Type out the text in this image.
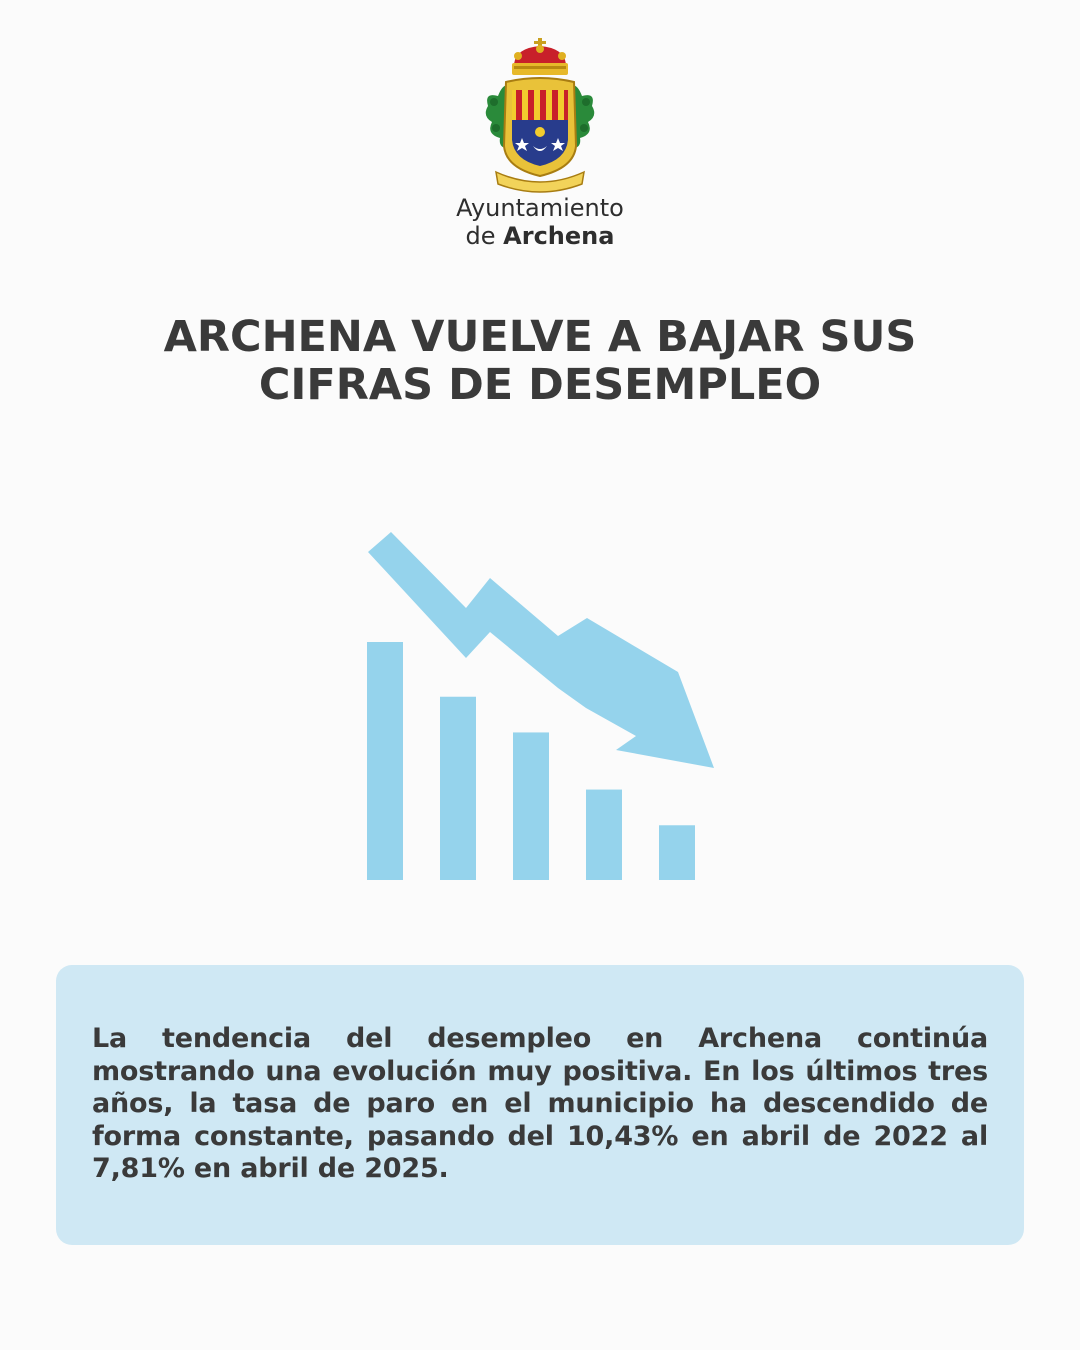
Ayuntamiento
de Archena
ARCHENA VUELVE A BAJAR SUS
CIFRAS DE DESEMPLEO

La tendencia del desempleo en Archena continúa mostrando una evolución muy positiva. En los últimos tres años, la tasa de paro en el municipio ha descendido de forma constante, pasando del 10,43% en abril de 2022 al 7,81% en abril de 2025.
